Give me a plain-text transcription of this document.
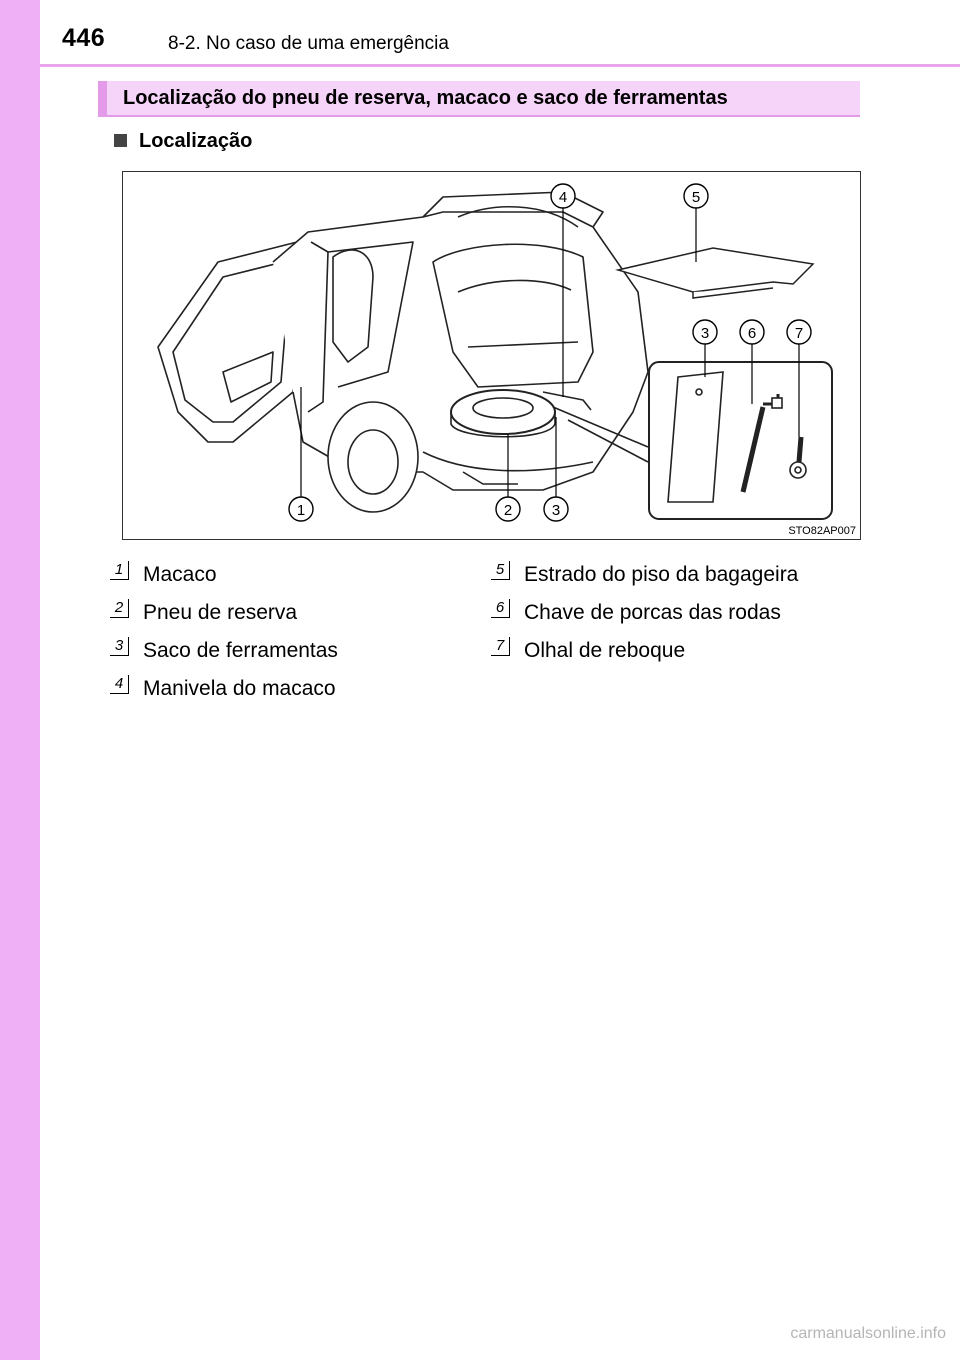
446	8-2. No caso de uma emergência
Localização do pneu de reserva, macaco e saco de ferramentas
Localização
1	2	3
4	5
3	6	7
STO82AP007
1 Macaco
2 Pneu de reserva
3 Saco de ferramentas
4 Manivela do macaco
5 Estrado do piso da bagageira
6 Chave de porcas das rodas
7 Olhal de reboque
carmanualsonline.info
